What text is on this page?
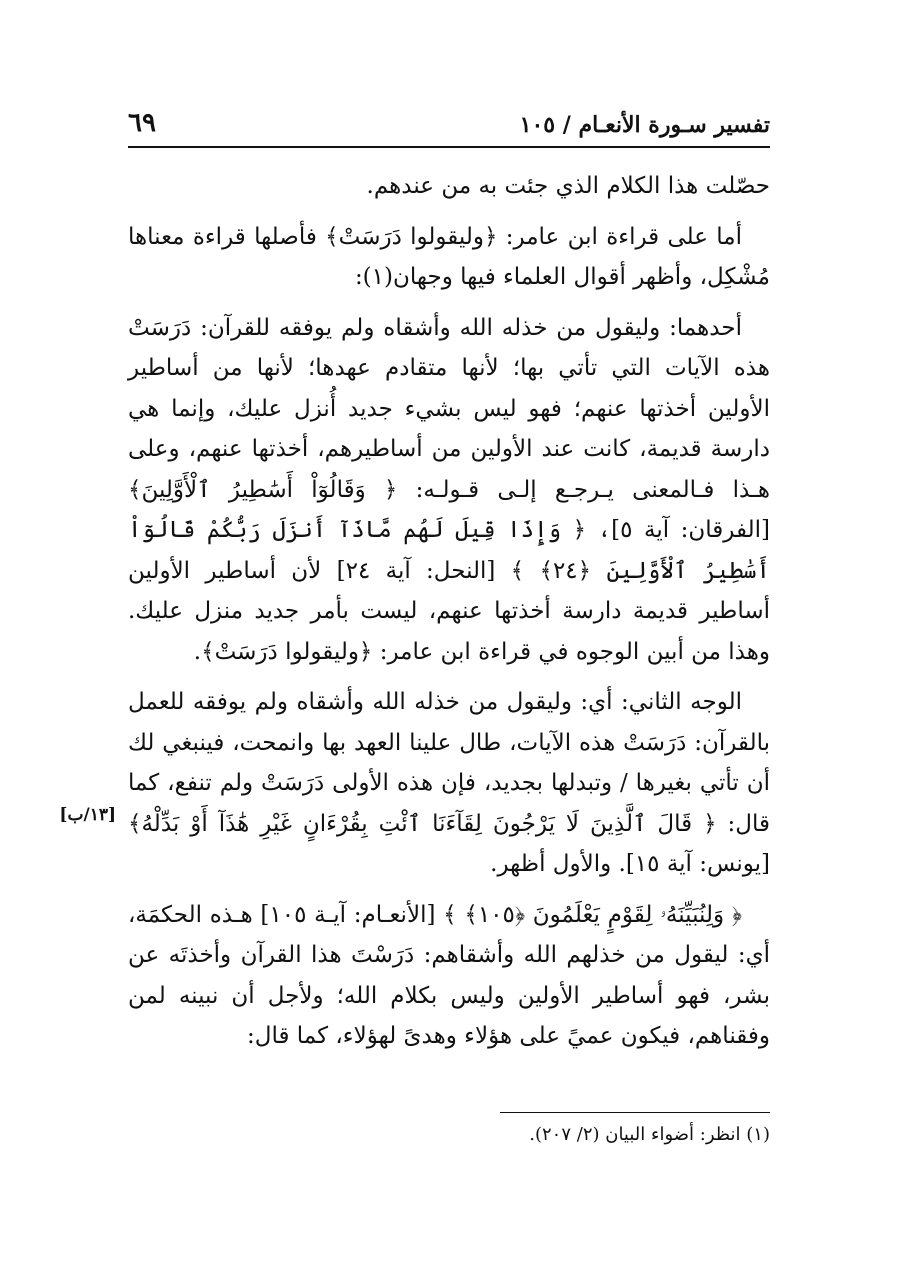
تفسير سـورة الأنعـام / ١٠٥
٦٩

حصّلت هذا الكلام الذي جئت به من عندهم.

أما على قراءة ابن عامر: ﴿وليقولوا دَرَسَتْ﴾ فأصلها قراءة معناها مُشْكِل، وأظهر أقوال العلماء فيها وجهان(١):

أحدهما: وليقول من خذله الله وأشقاه ولم يوفقه للقرآن: دَرَسَتْ هذه الآيات التي تأتي بها؛ لأنها متقادم عهدها؛ لأنها من أساطير الأولين أخذتها عنهم؛ فهو ليس بشيء جديد أُنزل عليك، وإنما هي دارسة قديمة، كانت عند الأولين من أساطيرهم، أخذتها عنهم، وعلى هـذا فـالمعنى يـرجـع إلـى قـولـه: ﴿ وَقَالُوٓاْ أَسَٰطِيرُ ٱلْأَوَّلِينَ﴾ [الفرقان: آية ٥]، ﴿ وَإِذَا قِيلَ لَهُم مَّاذَآ أَنزَلَ رَبُّكُمْ قَالُوٓاْ أَسَٰطِيرُ ٱلْأَوَّلِينَ ﴿٢٤﴾ ﴾ [النحل: آية ٢٤] لأن أساطير الأولين أساطير قديمة دارسة أخذتها عنهم، ليست بأمر جديد منزل عليك. وهذا من أبين الوجوه في قراءة ابن عامر: ﴿وليقولوا دَرَسَتْ﴾.

الوجه الثاني: أي: وليقول من خذله الله وأشقاه ولم يوفقه للعمل بالقرآن: دَرَسَتْ هذه الآيات، طال علينا العهد بها وانمحت، فينبغي لك أن تأتي بغيرها / وتبدلها بجديد، فإن هذه الأولى دَرَسَتْ ولم تنفع، كما قال: ﴿ قَالَ ٱلَّذِينَ لَا يَرْجُونَ لِقَآءَنَا ٱئْتِ بِقُرْءَانٍ غَيْرِ هَٰذَآ أَوْ بَدِّلْهُ﴾ [يونس: آية ١٥]. والأول أظهر.

﴿ وَلِنُبَيِّنَهُۥ لِقَوْمٍ يَعْلَمُونَ ﴿١٠٥﴾ ﴾ [الأنعـام: آيـة ١٠٥] هـذه الحكمَة، أي: ليقول من خذلهم الله وأشقاهم: دَرَسْتَ هذا القرآن وأخذتَه عن بشر، فهو أساطير الأولين وليس بكلام الله؛ ولأجل أن نبينه لمن وفقناهم، فيكون عميً على هؤلاء وهدىً لهؤلاء، كما قال:

[١٣/ب]
(١) انظر: أضواء البيان (٢/ ٢٠٧).
